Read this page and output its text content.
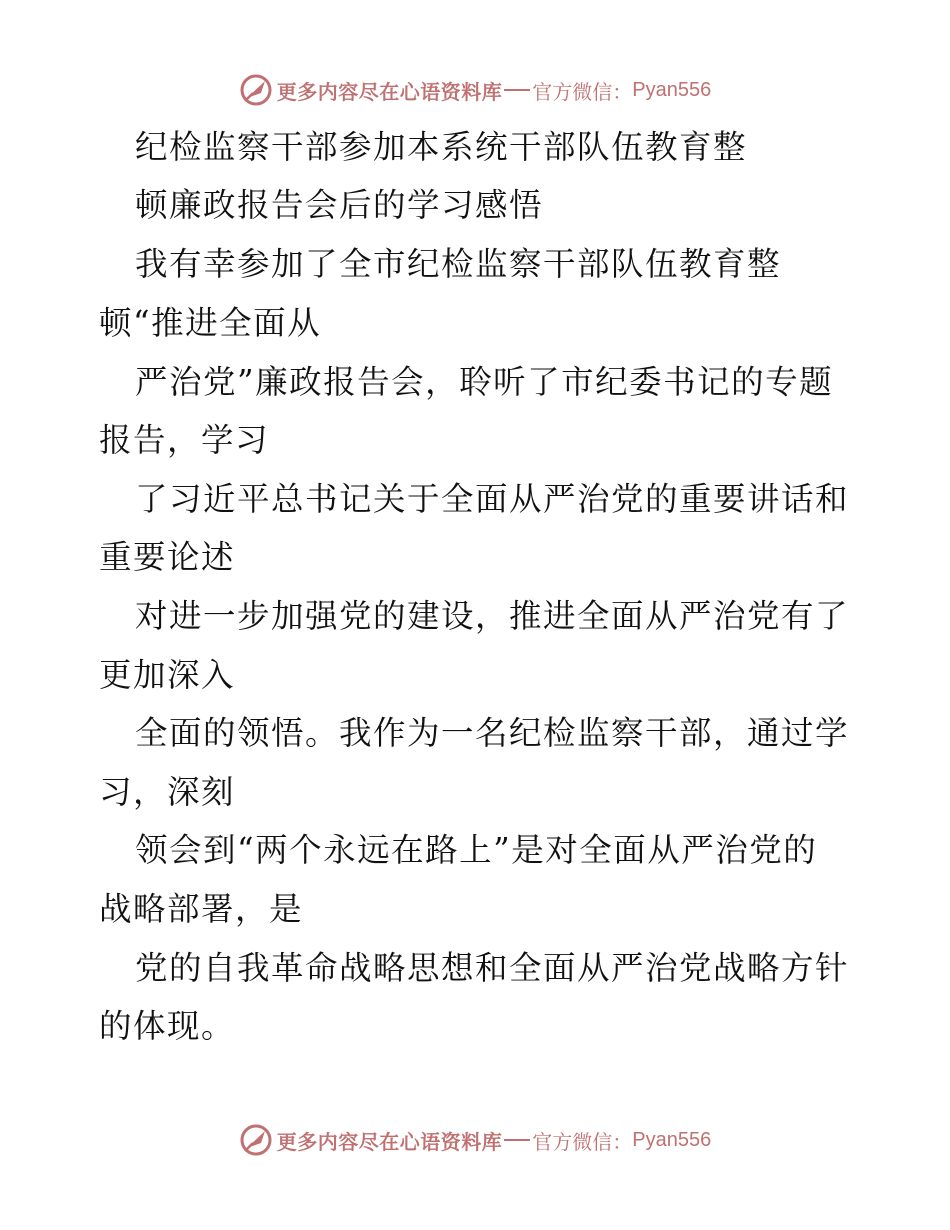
更多内容尽在心语资料库 官方微信： Pyan556
纪检监察干部参加本系统干部队伍教育整
顿廉政报告会后的学习感悟
我有幸参加了全市纪检监察干部队伍教育整
顿“推进全面从
严治党”廉政报告会，聆听了市纪委书记的专题
报告，学习
了习近平总书记关于全面从严治党的重要讲话和
重要论述
对进一步加强党的建设，推进全面从严治党有了
更加深入
全面的领悟。我作为一名纪检监察干部，通过学
习，深刻
领会到“两个永远在路上”是对全面从严治党的
战略部署，是
党的自我革命战略思想和全面从严治党战略方针
的体现。
更多内容尽在心语资料库 官方微信： Pyan556
